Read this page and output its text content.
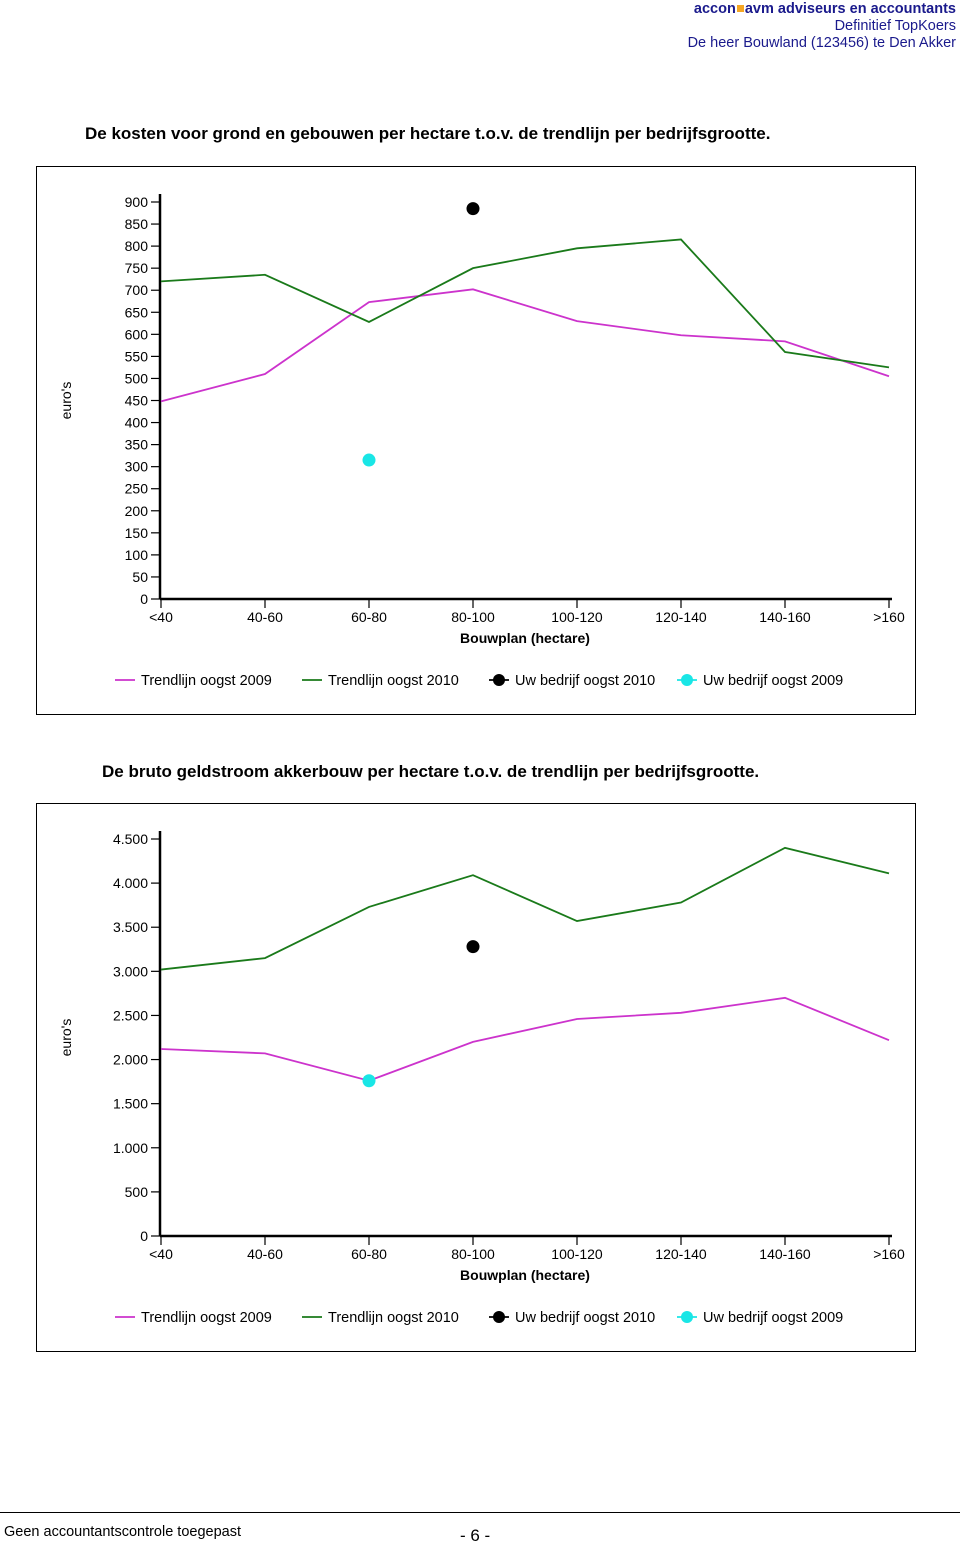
accon avm adviseurs en accountants
Definitief TopKoers
De heer Bouwland (123456) te Den Akker
De kosten voor grond en gebouwen per hectare t.o.v. de trendlijn per bedrijfsgrootte.
0
50
100
150
200
250
300
350
400
450
500
550
600
650
700
750
800
850
900
euro's
<40	40-60	60-80	80-100	100-120	120-140	140-160	>160
Bouwplan (hectare)
Trendlijn oogst 2009	Trendlijn oogst 2010	Uw bedrijf oogst 2010	Uw bedrijf oogst 2009
De bruto geldstroom akkerbouw per hectare t.o.v. de trendlijn per bedrijfsgrootte.
0
500
1.000
1.500
2.000
2.500
3.000
3.500
4.000
4.500
euro's
<40	40-60	60-80	80-100	100-120	120-140	140-160	>160
Bouwplan (hectare)
Trendlijn oogst 2009	Trendlijn oogst 2010	Uw bedrijf oogst 2010	Uw bedrijf oogst 2009
Geen accountantscontrole toegepast	- 6 -
